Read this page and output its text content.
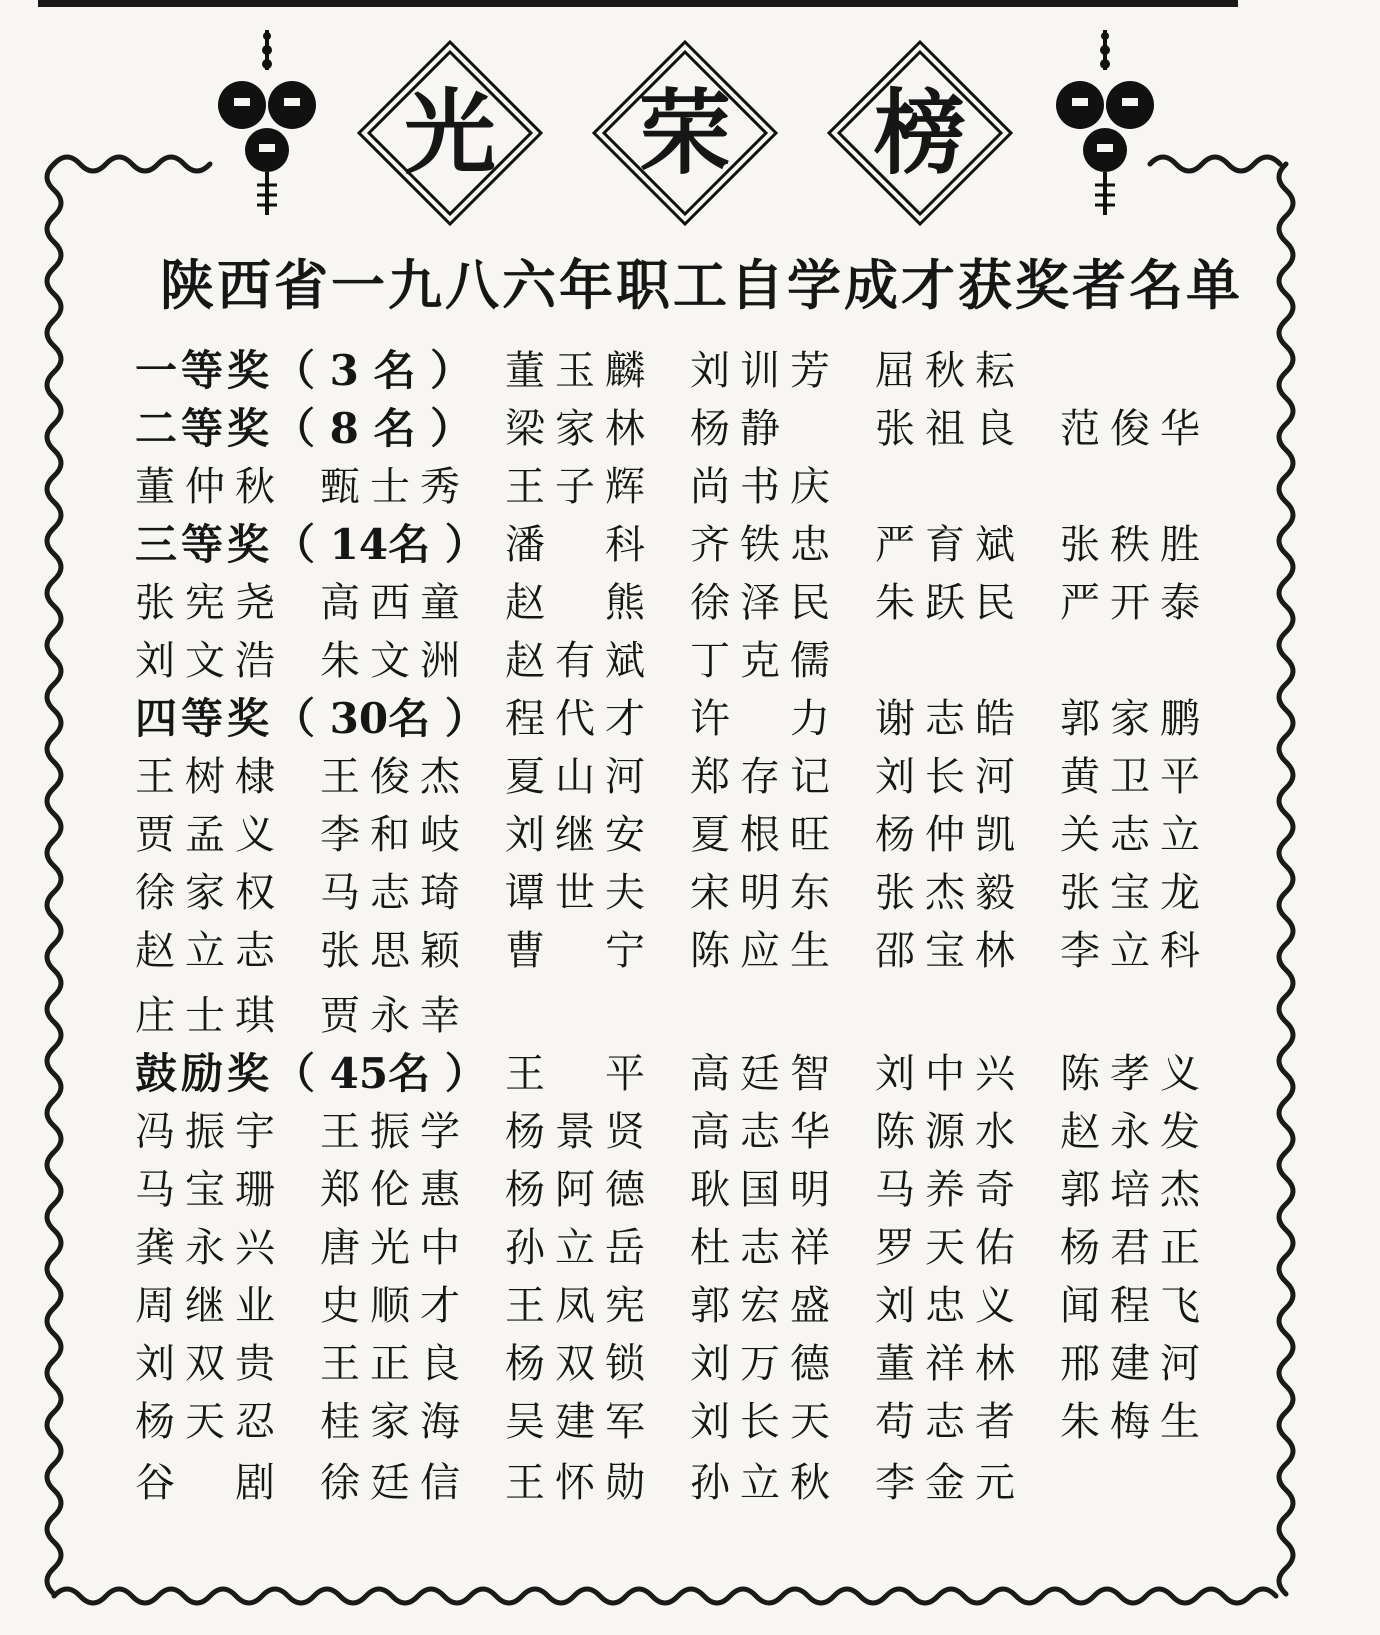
光	荣	榜
陕西省一九八六年职工自学成才获奖者名单
一等奖（ 3 名 ） 董玉麟 刘训芳 屈秋耘
二等奖（ 8 名 ） 梁家林 杨静 张祖良 范俊华
董仲秋 甄士秀 王子辉 尚书庆
三等奖（ 14名 ） 潘　科 齐铁忠 严育斌 张秩胜
张宪尧 高西童 赵　熊 徐泽民 朱跃民 严开泰
刘文浩 朱文洲 赵有斌 丁克儒
四等奖（ 30名 ） 程代才 许　力 谢志皓 郭家鹏
王树棣 王俊杰 夏山河 郑存记 刘长河 黄卫平
贾孟义 李和岐 刘继安 夏根旺 杨仲凯 关志立
徐家权 马志琦 谭世夫 宋明东 张杰毅 张宝龙
赵立志 张思颖 曹　宁 陈应生 邵宝林 李立科
庄士琪 贾永幸
鼓励奖（ 45名 ） 王　平 高廷智 刘中兴 陈孝义
冯振宇 王振学 杨景贤 高志华 陈源水 赵永发
马宝珊 郑伦惠 杨阿德 耿国明 马养奇 郭培杰
龚永兴 唐光中 孙立岳 杜志祥 罗天佑 杨君正
周继业 史顺才 王凤宪 郭宏盛 刘忠义 闻程飞
刘双贵 王正良 杨双锁 刘万德 董祥林 邢建河
杨天忍 桂家海 吴建军 刘长天 苟志者 朱梅生
谷　剧 徐廷信 王怀勋 孙立秋 李金元
